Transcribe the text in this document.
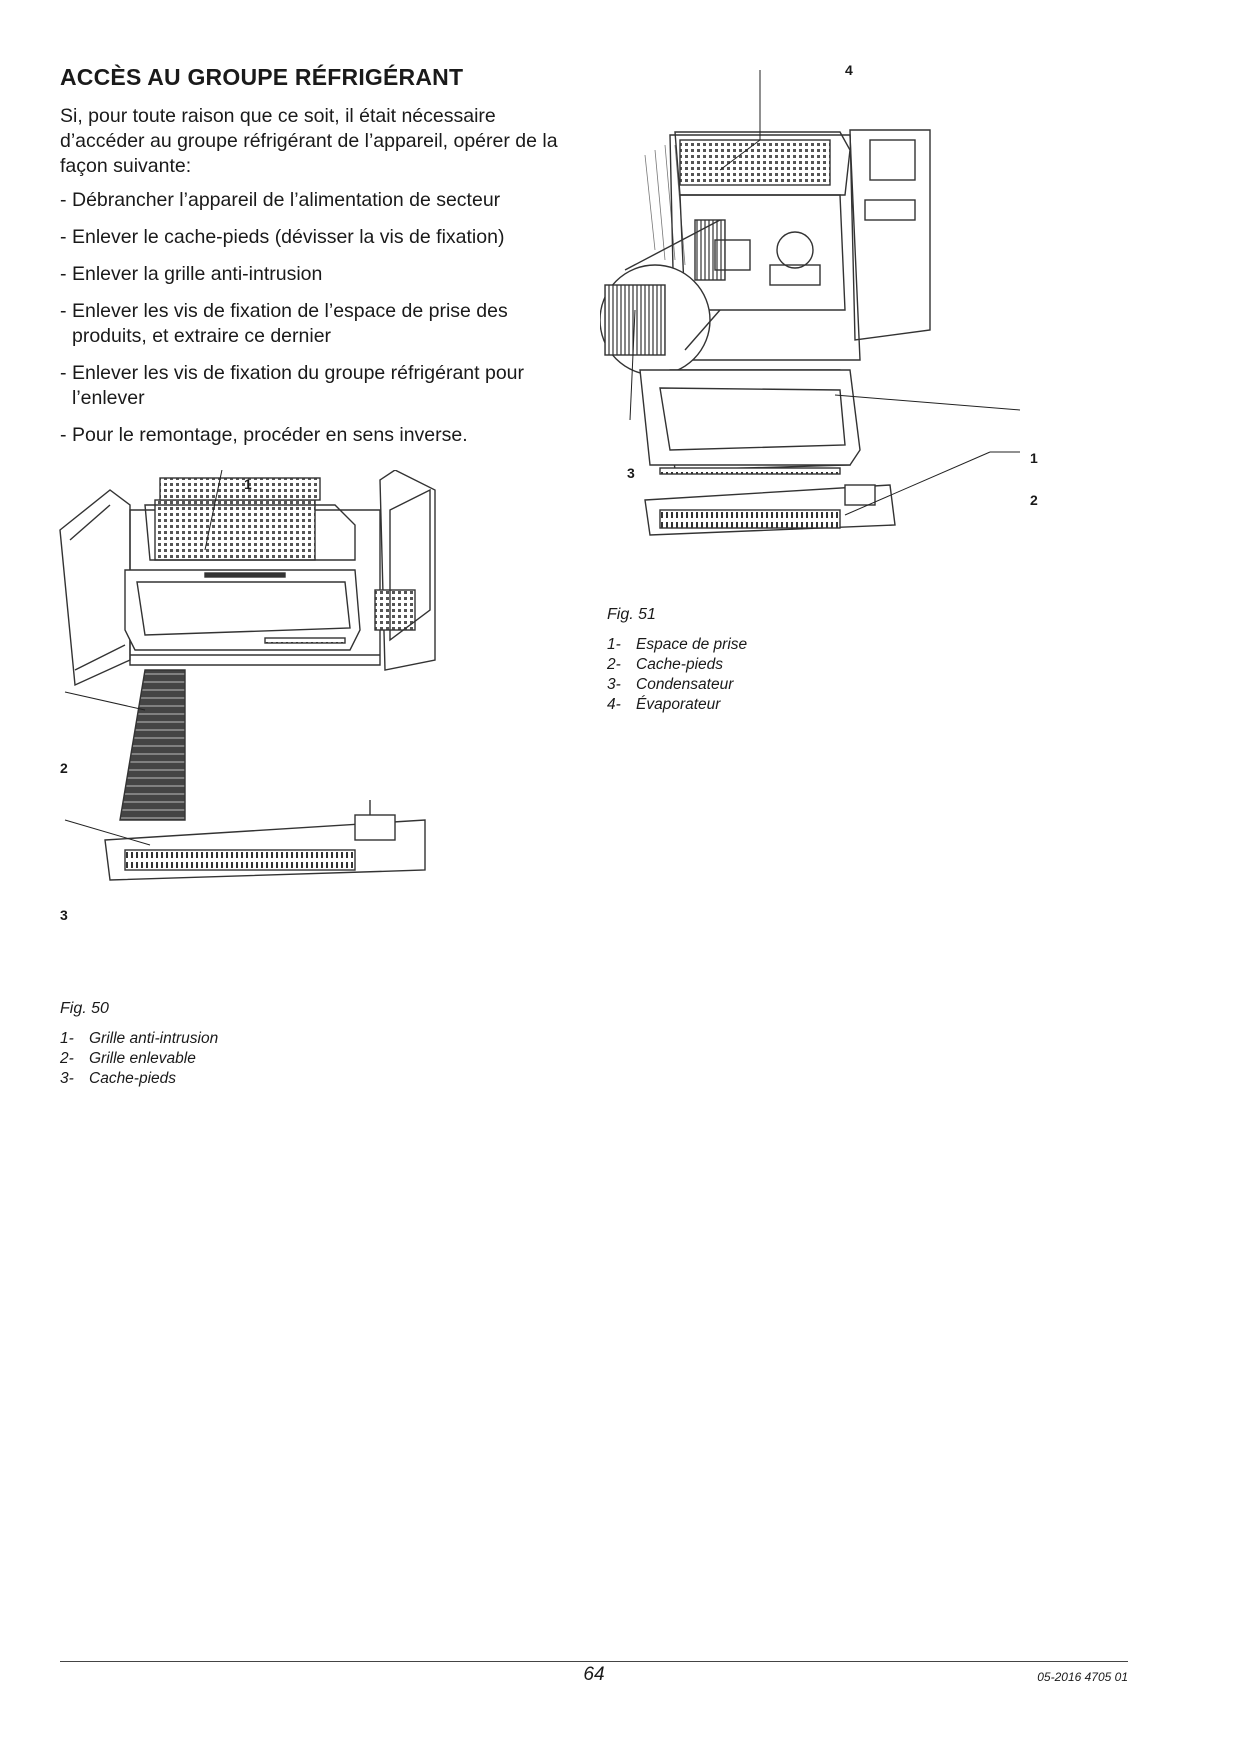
ACCÈS AU GROUPE RÉFRIGÉRANT

Si, pour toute raison que ce soit, il était nécessaire d’accéder au groupe réfrigérant de l’appareil, opérer de la façon suivante:

- Débrancher l’appareil de l’alimentation de secteur
- Enlever le cache-pieds (dévisser la vis de fixation)
- Enlever la grille anti-intrusion
- Enlever les vis de fixation de l’espace de prise des produits, et extraire ce dernier
- Enlever les vis de fixation du groupe réfrigérant pour l’enlever
- Pour le remontage, procéder en sens inverse.
1
2
3

Fig. 50

1- Grille anti-intrusion
2- Grille enlevable
3- Cache-pieds
1
2
3
4

Fig. 51

1- Espace de prise
2- Cache-pieds
3- Condensateur
4- Évaporateur
64	05-2016 4705 01
